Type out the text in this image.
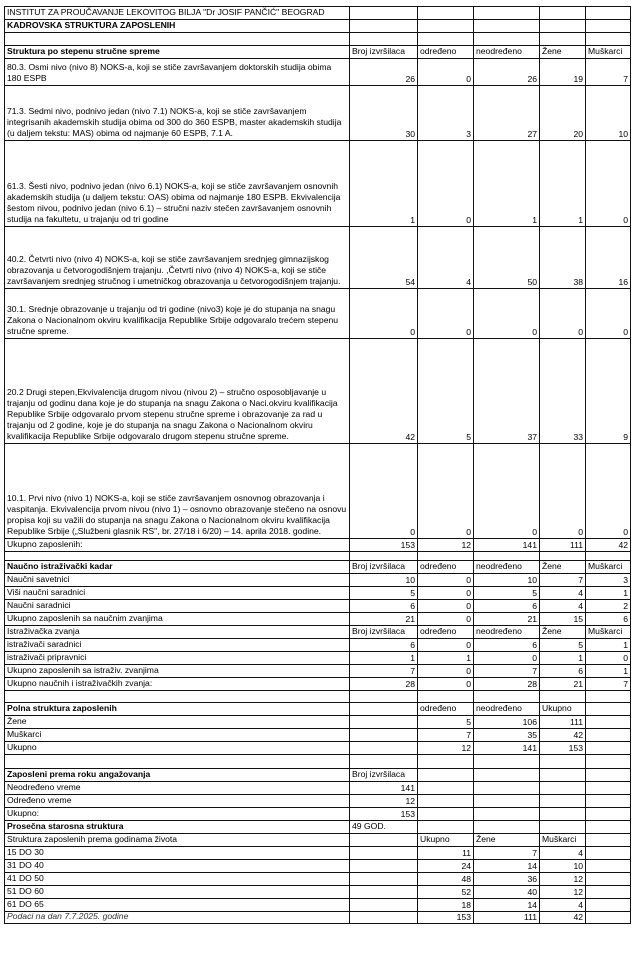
INSTITUT ZA PROUČAVANJE LEKOVITOG BILJA "Dr JOSIF PANČIĆ" BEOGRAD
KADROVSKA STRUKTURA ZAPOSLENIH
Struktura po stepenu stručne spreme	Broj izvršilaca	određeno	neodređeno	Žene	Muškarci
80.3. Osmi nivo (nivo 8) NOKS-a, koji se stiče završavanjem doktorskih studija obima 180 ESPB	26	0	26	19	7
71.3. Sedmi nivo, podnivo jedan (nivo 7.1) NOKS-a, koji se stiče završavanjem integrisanih akademskih studija obima od 300 do 360 ESPB, master akademskih studija (u daljem tekstu: MAS) obima od najmanje 60 ESPB, 7.1 A.	30	3	27	20	10
61.3. Šesti nivo, podnivo jedan (nivo 6.1) NOKS-a, koji se stiče završavanjem osnovnih akademskih studija (u daljem tekstu: OAS) obima od najmanje 180 ESPB. Ekvivalencija šestom nivou, podnivo jedan (nivo 6.1) – stručni naziv stečen završavanjem osnovnih studija na fakultetu, u trajanju od tri godine	1	0	1	1	0
40.2. Četvrti nivo (nivo 4) NOKS-a, koji se stiče završavanjem srednjeg gimnazijskog obrazovanja u četvorogodišnjem trajanju. ,Četvrti nivo (nivo 4) NOKS-a, koji se stiče završavanjem srednjeg stručnog i umetničkog obrazovanja u četvorogodišnjem trajanju.	54	4	50	38	16
30.1. Srednje obrazovanje u trajanju od tri godine (nivo3) koje je do stupanja na snagu Zakona o Nacionalnom okviru kvalifikacija Republike Srbije odgovaralo trećem stepenu stručne spreme.	0	0	0	0	0
20.2 Drugi stepen,Ekvivalencija drugom nivou (nivou 2) – stručno osposobljavanje u trajanju od godinu dana koje je do stupanja na snagu Zakona o Naci.okviru kvalifikacija Republike Srbije odgovaralo prvom stepenu stručne spreme i obrazovanje za rad u trajanju od 2 godine, koje je do stupanja na snagu Zakona o Nacionalnom okviru kvalifikacija Republike Srbije odgovaralo drugom stepenu stručne spreme.	42	5	37	33	9
10.1. Prvi nivo (nivo 1) NOKS-a, koji se stiče završavanjem osnovnog obrazovanja i vaspitanja. Ekvivalencija prvom nivou (nivo 1) – osnovno obrazovanje stečeno na osnovu propisa koji su važili do stupanja na snagu Zakona o Nacionalnom okviru kvalifikacija Republike Srbije („Službeni glasnik RS", br. 27/18 i 6/20) – 14. aprila 2018. godine.	0	0	0	0	0
Ukupno zaposlenih:	153	12	141	111	42
Naučno istraživački kadar	Broj izvršilaca	određeno	neodređeno	Žene	Muškarci
Naučni savetnici	10	0	10	7	3
Viši naučni saradnici	5	0	5	4	1
Naučni saradnici	6	0	6	4	2
Ukupno zaposlenih sa naučnim zvanjima	21	0	21	15	6
Istraživačka zvanja	Broj izvršilaca	određeno	neodređeno	Žene	Muškarci
istraživači saradnici	6	0	6	5	1
istraživači pripravnici	1	1	0	1	0
Ukupno zaposlenih sa istraživ. zvanjima	7	0	7	6	1
Ukupno naučnih i istraživačkih zvanja:	28	0	28	21	7
Polna struktura zaposlenih	određeno	neodređeno	Ukupno
Žene	5	106	111
Muškarci	7	35	42
Ukupno	12	141	153
Zaposleni prema roku angažovanja	Broj izvršilaca
Neodređeno vreme	141
Određeno vreme	12
Ukupno:	153
Prosečna starosna struktura	49 GOD.
Struktura zaposlenih prema godinama života	Ukupno	Žene	Muškarci
15 DO 30	11	7	4
31 DO 40	24	14	10
41 DO 50	48	36	12
51 DO 60	52	40	12
61 DO 65	18	14	4
Podaci na dan 7.7.2025. godine	153	111	42
